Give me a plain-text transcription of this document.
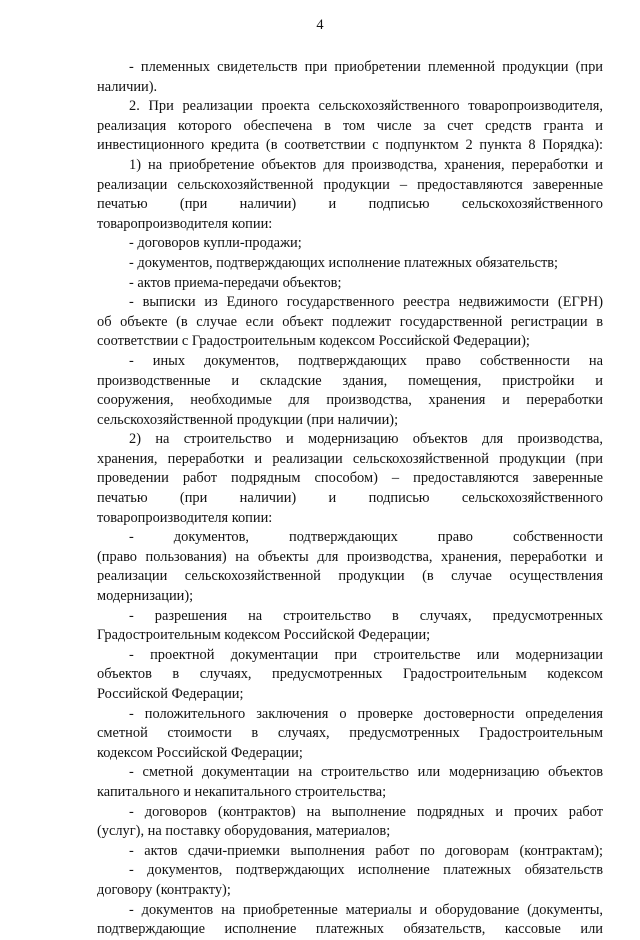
4
- племенных свидетельств при приобретении племенной продукции (при
наличии).
2. При реализации проекта сельскохозяйственного товаропроизводителя,
реализация которого обеспечена в том числе за счет средств гранта и
инвестиционного кредита (в соответствии с подпунктом 2 пункта 8 Порядка):
1) на приобретение объектов для производства, хранения, переработки и
реализации сельскохозяйственной продукции – предоставляются заверенные
печатью (при наличии) и подписью сельскохозяйственного
товаропроизводителя копии:
- договоров купли-продажи;
- документов, подтверждающих исполнение платежных обязательств;
- актов приема-передачи объектов;
- выписки из Единого государственного реестра недвижимости (ЕГРН)
об объекте (в случае если объект подлежит государственной регистрации в
соответствии с Градостроительным кодексом Российской Федерации);
- иных документов, подтверждающих право собственности на
производственные и складские здания, помещения, пристройки и
сооружения, необходимые для производства, хранения и переработки
сельскохозяйственной продукции (при наличии);
2) на строительство и модернизацию объектов для производства,
хранения, переработки и реализации сельскохозяйственной продукции (при
проведении работ подрядным способом) – предоставляются заверенные
печатью (при наличии) и подписью сельскохозяйственного
товаропроизводителя копии:
- документов, подтверждающих право собственности
(право пользования) на объекты для производства, хранения, переработки и
реализации сельскохозяйственной продукции (в случае осуществления
модернизации);
- разрешения на строительство в случаях, предусмотренных
Градостроительным кодексом Российской Федерации;
- проектной документации при строительстве или модернизации
объектов в случаях, предусмотренных Градостроительным кодексом
Российской Федерации;
- положительного заключения о проверке достоверности определения
сметной стоимости в случаях, предусмотренных Градостроительным
кодексом Российской Федерации;
- сметной документации на строительство или модернизацию объектов
капитального и некапитального строительства;
- договоров (контрактов) на выполнение подрядных и прочих работ
(услуг), на поставку оборудования, материалов;
- актов сдачи-приемки выполнения работ по договорам (контрактам);
- документов, подтверждающих исполнение платежных обязательств
договору (контракту);
- документов на приобретенные материалы и оборудование (документы,
подтверждающие исполнение платежных обязательств, кассовые или
